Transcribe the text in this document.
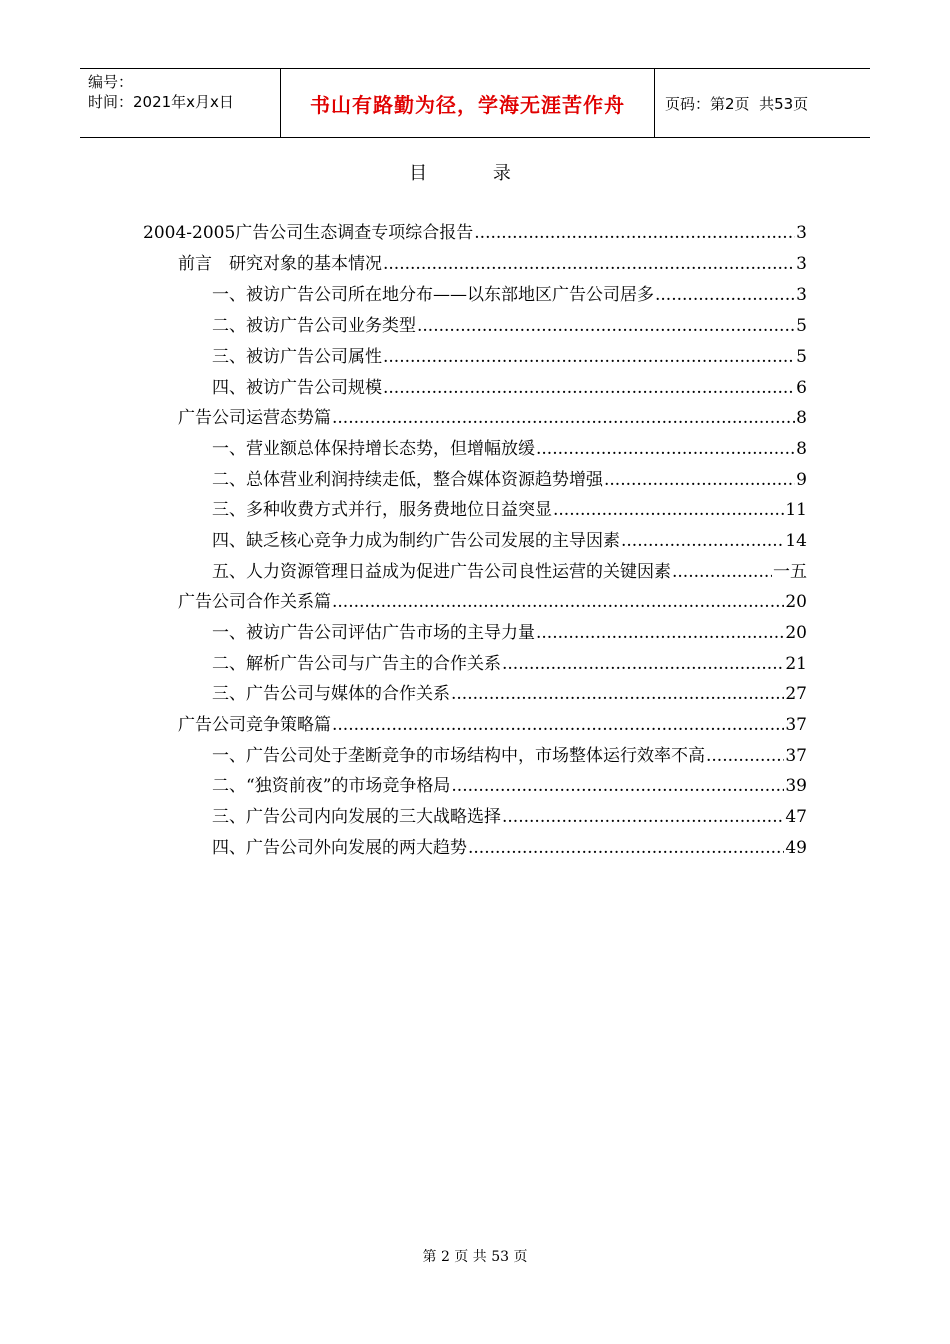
编号：
时间：2021年x月x日	书山有路勤为径，学海无涯苦作舟	页码：第2页  共53页
目 录
2004-2005广告公司生态调查专项综合报告 .....	3
前言　研究对象的基本情况 .....	3
一、被访广告公司所在地分布——以东部地区广告公司居多 .....	3
二、被访广告公司业务类型 .....	5
三、被访广告公司属性 .....	5
四、被访广告公司规模 .....	6
广告公司运营态势篇 .....	8
一、营业额总体保持增长态势，但增幅放缓 .....	8
二、总体营业利润持续走低，整合媒体资源趋势增强 .....	9
三、多种收费方式并行，服务费地位日益突显 .....	11
四、缺乏核心竞争力成为制约广告公司发展的主导因素 .....	14
五、人力资源管理日益成为促进广告公司良性运营的关键因素 .....	一五
广告公司合作关系篇 .....	20
一、被访广告公司评估广告市场的主导力量 .....	20
二、解析广告公司与广告主的合作关系 .....	21
三、广告公司与媒体的合作关系 .....	27
广告公司竞争策略篇 .....	37
一、广告公司处于垄断竞争的市场结构中，市场整体运行效率不高 .....	37
二、“独资前夜”的市场竞争格局 .....	39
三、广告公司内向发展的三大战略选择 .....	47
四、广告公司外向发展的两大趋势 .....	49
第 2 页 共 53 页
